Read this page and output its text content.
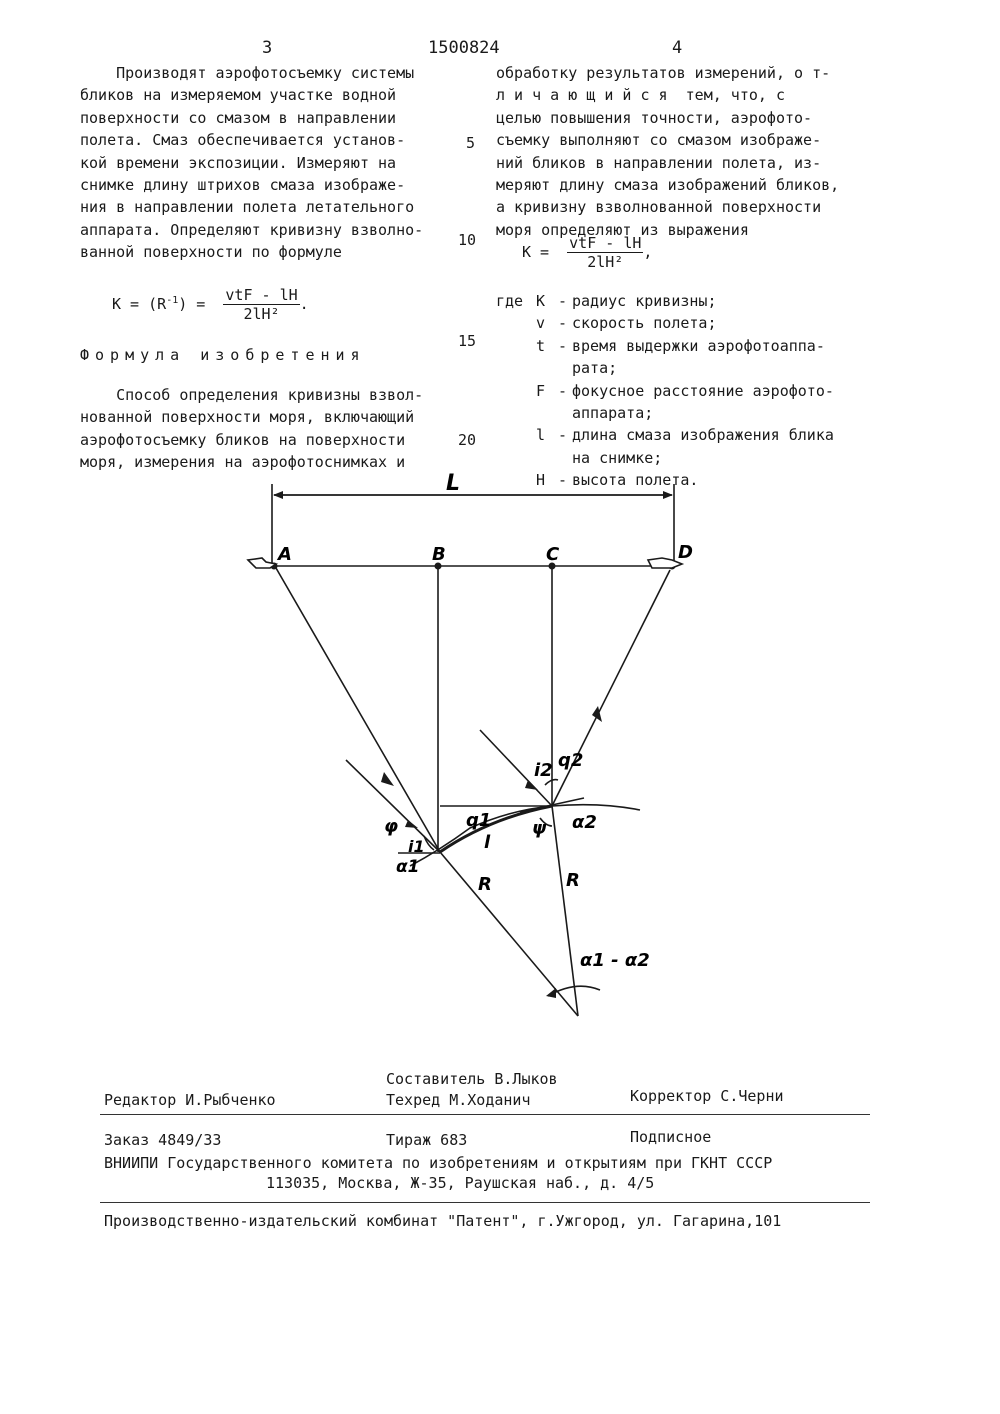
3	1500824	4
5
10
15
20
Производят аэрофотосъемку системы
бликов на измеряемом участке водной
поверхности со смазом в направлении
полета. Смаз обеспечивается установ-
кой времени экспозиции. Измеряют на
снимке длину штрихов смаза изображе-
ния в направлении полета летательного
аппарата. Определяют кривизну взволно-
ванной поверхности по формуле
$K = (R^{-1}) = \frac{\text{vtF - lH}}{\text{2lH²}}$ .
Формула изобретения
Способ определения кривизны взвол-
нованной поверхности моря, включающий
аэрофотосъемку бликов на поверхности
моря, измерения на аэрофотоснимках и
обработку результатов измерений, о т-
л и ч а ю щ и й с я  тем, что, с
целью повышения точности, аэрофото-
съемку выполняют со смазом изображе-
ний бликов в направлении полета, из-
меряют длину смаза изображений бликов,
а кривизну взволнованной поверхности
моря определяют из выражения
$K = \frac{\text{vtF - lH}}{\text{2lH²}}$ ,
где K - радиус кривизны;
v - скорость полета;
t - время выдержки аэрофотоаппа-
рата;
F - фокусное расстояние аэрофото-
аппарата;
l - длина смаза изображения блика
на снимке;
H - высота полета.
L
A	B	C	D
q2
i2
q1
l
ψ α2
φ
i1
α1
R	R
α1 - α2
Составитель В.Лыков
Редактор И.Рыбченко	Техред М.Ходанич	Корректор С.Черни
Заказ 4849/33	Тираж 683	Подписное
ВНИИПИ Государственного комитета по изобретениям и открытиям при ГКНТ СССР
113035, Москва, Ж-35, Раушская наб., д. 4/5
Производственно-издательский комбинат "Патент", г.Ужгород, ул. Гагарина,101
